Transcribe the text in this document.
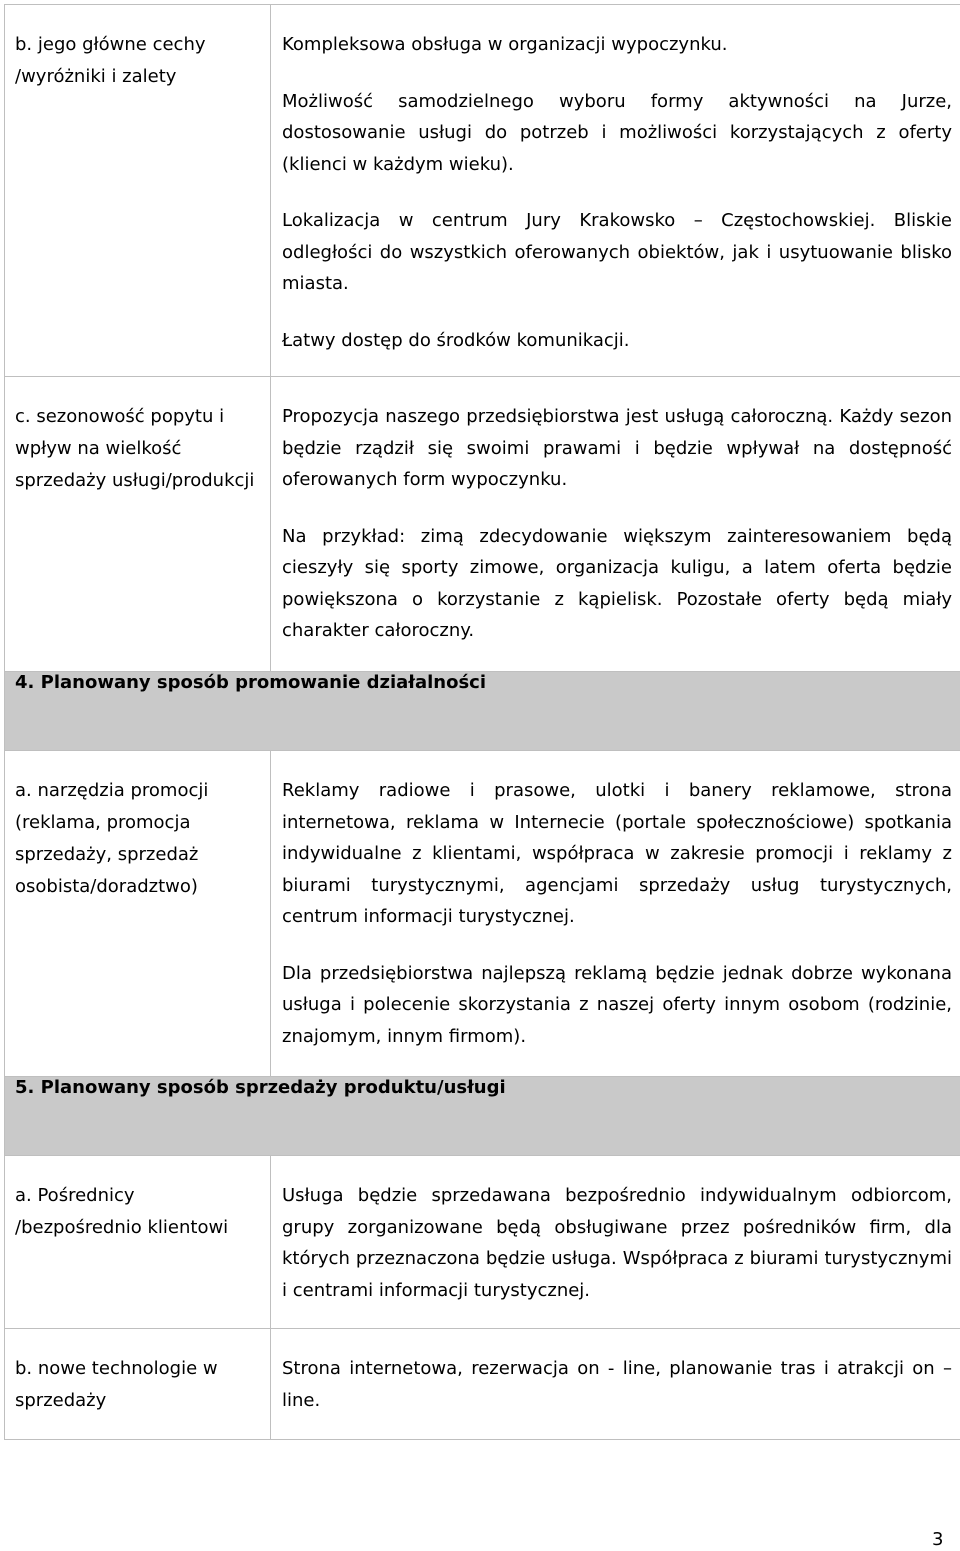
b. jego główne cechy /wyróżniki i zalety	Kompleksowa obsługa w organizacji wypoczynku.

Możliwość samodzielnego wyboru formy aktywności na Jurze, dostosowanie usługi do potrzeb i możliwości korzystających z oferty (klienci w każdym wieku).

Lokalizacja w centrum Jury Krakowsko – Częstochowskiej. Bliskie odległości do wszystkich oferowanych obiektów, jak i usytuowanie blisko miasta.

Łatwy dostęp do środków komunikacji.

c. sezonowość popytu i wpływ na wielkość sprzedaży usługi/produkcji	Propozycja naszego przedsiębiorstwa jest usługą całoroczną. Każdy sezon będzie rządził się swoimi prawami i będzie wpływał na dostępność oferowanych form wypoczynku.

Na przykład: zimą zdecydowanie większym zainteresowaniem będą cieszyły się sporty zimowe, organizacja kuligu, a latem oferta będzie powiększona o korzystanie z kąpielisk. Pozostałe oferty będą miały charakter całoroczny.

4. Planowany sposób promowanie działalności	
a. narzędzia promocji (reklama, promocja sprzedaży, sprzedaż osobista/doradztwo)	Reklamy radiowe i prasowe, ulotki i banery reklamowe, strona internetowa, reklama w Internecie (portale społecznościowe) spotkania indywidualne z klientami, współpraca w zakresie promocji i reklamy z biurami turystycznymi, agencjami sprzedaży usług turystycznych, centrum informacji turystycznej.

Dla przedsiębiorstwa najlepszą reklamą będzie jednak dobrze wykonana usługa i polecenie skorzystania z naszej oferty innym osobom (rodzinie, znajomym, innym firmom).

5. Planowany sposób sprzedaży produktu/usługi	
a. Pośrednicy /bezpośrednio klientowi	Usługa będzie sprzedawana bezpośrednio indywidualnym odbiorcom, grupy zorganizowane będą obsługiwane przez pośredników firm, dla których przeznaczona będzie usługa. Współpraca z biurami turystycznymi i centrami informacji turystycznej.

b. nowe technologie w sprzedaży	Strona internetowa, rezerwacja on - line, planowanie tras i atrakcji on – line.

3
